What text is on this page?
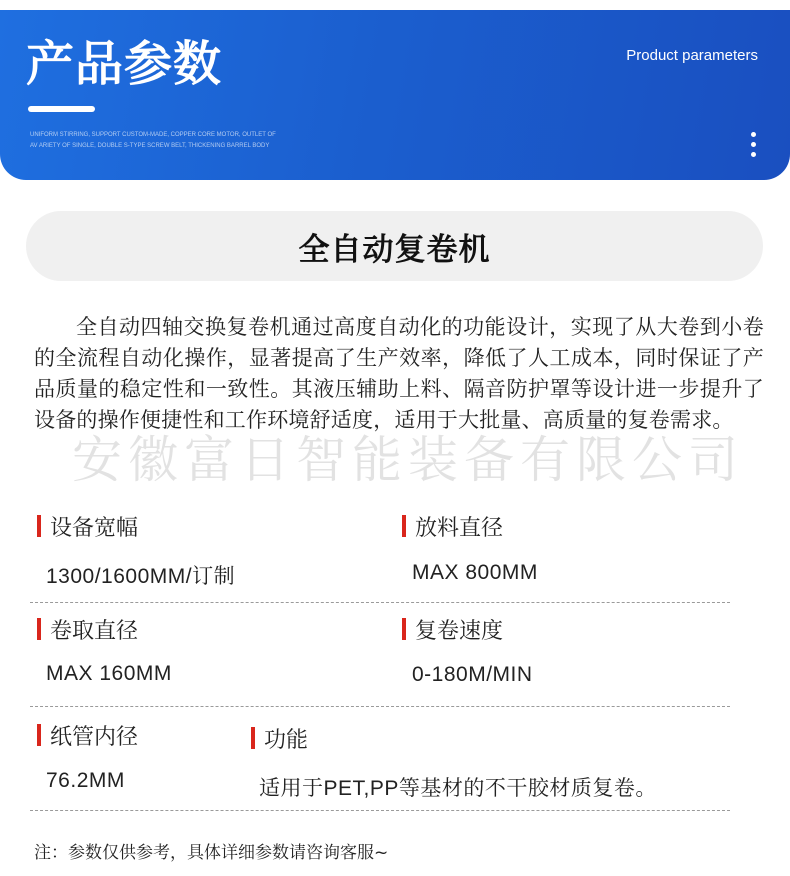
产品参数
UNIFORM STIRRING, SUPPORT CUSTOM-MADE, COPPER CORE MOTOR, OUTLET OF AV ARIETY OF SINGLE, DOUBLE S-TYPE SCREW BELT, THICKENING BARREL BODY
Product parameters
全自动复卷机
全自动四轴交换复卷机通过高度自动化的功能设计，实现了从大卷到小卷的全流程自动化操作，显著提高了生产效率，降低了人工成本，同时保证了产品质量的稳定性和一致性。其液压辅助上料、隔音防护罩等设计进一步提升了设备的操作便捷性和工作环境舒适度，适用于大批量、高质量的复卷需求。
安徽富日智能装备有限公司
设备宽幅
1300/1600MM/订制
放料直径
MAX 800MM
卷取直径
MAX 160MM
复卷速度
0-180M/MIN
纸管内径
76.2MM
功能
适用于PET,PP等基材的不干胶材质复卷。
注：参数仅供参考，具体详细参数请咨询客服~
